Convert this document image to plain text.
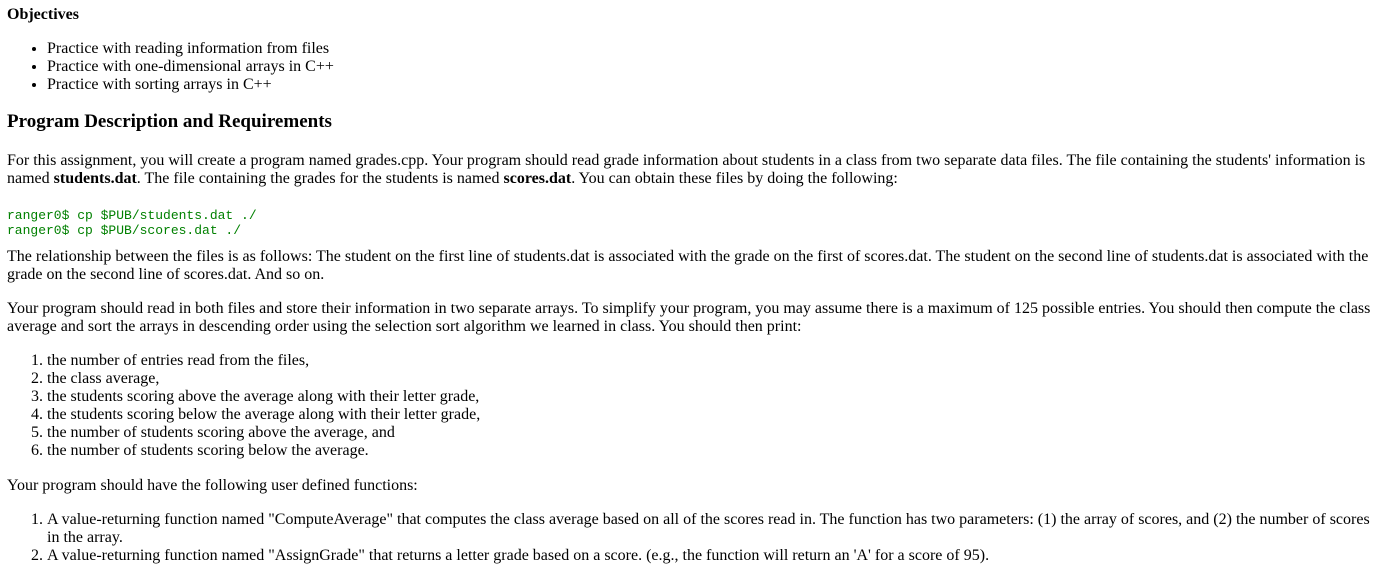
Objectives
• Practice with reading information from files
• Practice with one-dimensional arrays in C++
• Practice with sorting arrays in C++
Program Description and Requirements

For this assignment, you will create a program named grades.cpp. Your program should read grade information about students in a class from two separate data files. The file containing the students' information is named students.dat. The file containing the grades for the students is named scores.dat. You can obtain these files by doing the following:

ranger0$ cp $PUB/students.dat ./
ranger0$ cp $PUB/scores.dat ./

The relationship between the files is as follows: The student on the first line of students.dat is associated with the grade on the first of scores.dat. The student on the second line of students.dat is associated with the grade on the second line of scores.dat. And so on.

Your program should read in both files and store their information in two separate arrays. To simplify your program, you may assume there is a maximum of 125 possible entries. You should then compute the class average and sort the arrays in descending order using the selection sort algorithm we learned in class. You should then print:

1. the number of entries read from the files,
2. the class average,
3. the students scoring above the average along with their letter grade,
4. the students scoring below the average along with their letter grade,
5. the number of students scoring above the average, and
6. the number of students scoring below the average.

Your program should have the following user defined functions:

1. A value-returning function named "ComputeAverage" that computes the class average based on all of the scores read in. The function has two parameters: (1) the array of scores, and (2) the number of scores in the array.
2. A value-returning function named "AssignGrade" that returns a letter grade based on a score. (e.g., the function will return an 'A' for a score of 95).
